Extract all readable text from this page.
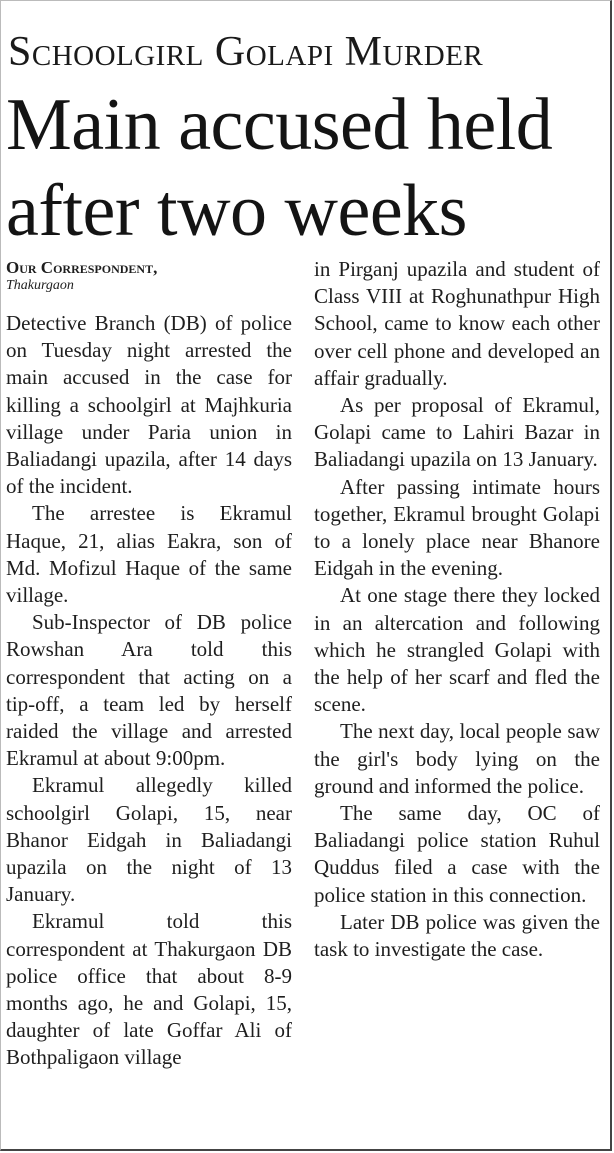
Schoolgirl Golapi Murder
Main accused held after two weeks
Our Correspondent,
Thakurgaon

Detective Branch (DB) of police on Tuesday night arrested the main accused in the case for killing a schoolgirl at Majhkuria village under Paria union in Baliadangi upazila, after 14 days of the incident.

The arrestee is Ekramul Haque, 21, alias Eakra, son of Md. Mofizul Haque of the same village.

Sub-Inspector of DB police Rowshan Ara told this correspondent that acting on a tip-off, a team led by herself raided the village and arrested Ekramul at about 9:00pm.

Ekramul allegedly killed schoolgirl Golapi, 15, near Bhanor Eidgah in Baliadangi upazila on the night of 13 January.

Ekramul told this correspondent at Thakurgaon DB police office that about 8-9 months ago, he and Golapi, 15, daughter of late Goffar Ali of Bothpaligaon village

in Pirganj upazila and student of Class VIII at Roghunathpur High School, came to know each other over cell phone and developed an affair gradually.

As per proposal of Ekramul, Golapi came to Lahiri Bazar in Baliadangi upazila on 13 January.

After passing intimate hours together, Ekramul brought Golapi to a lonely place near Bhanore Eidgah in the evening.

At one stage there they locked in an altercation and following which he strangled Golapi with the help of her scarf and fled the scene.

The next day, local people saw the girl's body lying on the ground and informed the police.

The same day, OC of Baliadangi police station Ruhul Quddus filed a case with the police station in this connection.

Later DB police was given the task to investigate the case.
